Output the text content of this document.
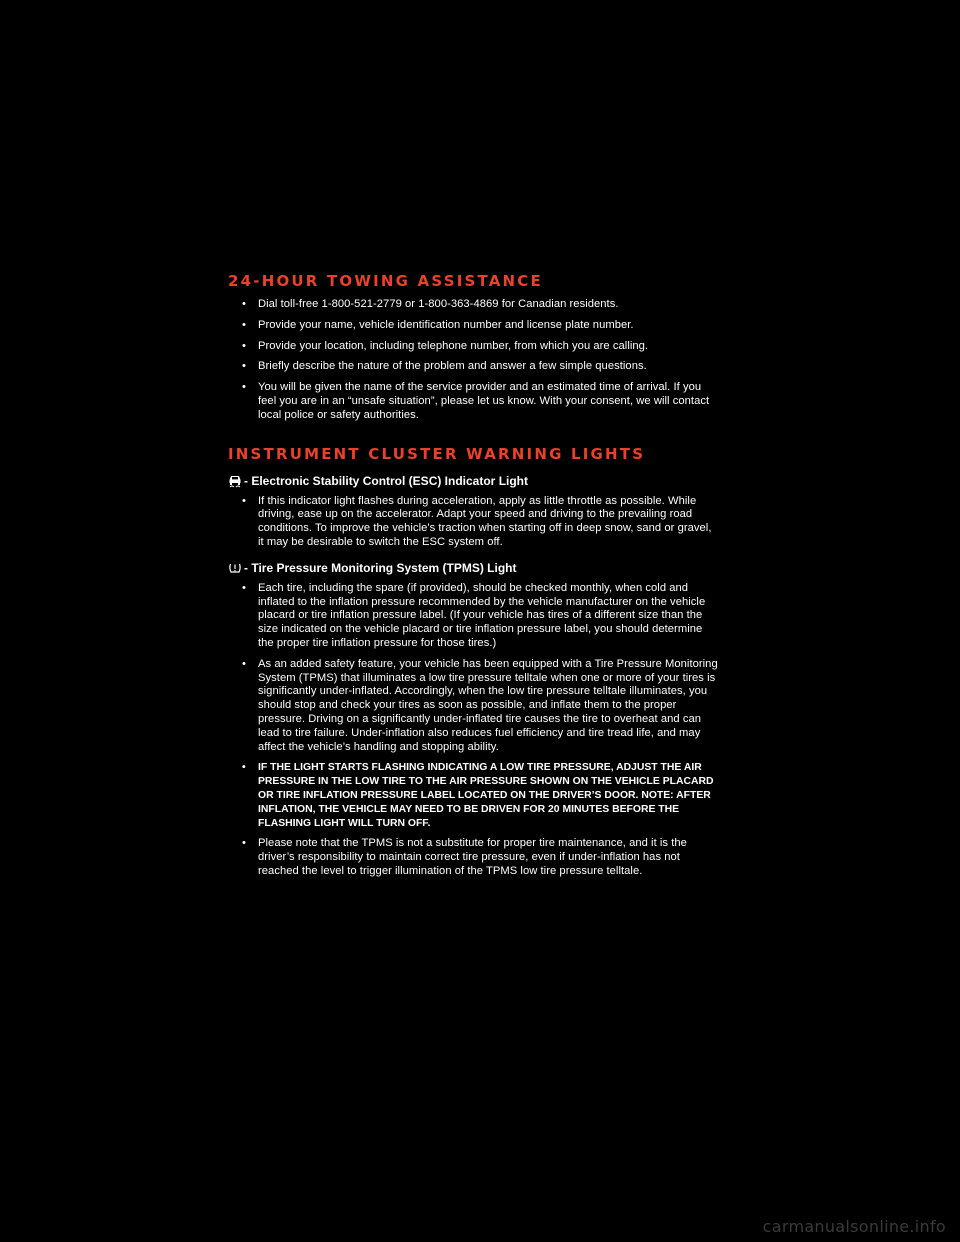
24-HOUR TOWING ASSISTANCE
• Dial toll-free 1-800-521-2779 or 1-800-363-4869 for Canadian residents.
• Provide your name, vehicle identification number and license plate number.
• Provide your location, including telephone number, from which you are calling.
• Briefly describe the nature of the problem and answer a few simple questions.
• You will be given the name of the service provider and an estimated time of arrival. If you feel you are in an “unsafe situation”, please let us know. With your consent, we will contact local police or safety authorities.
INSTRUMENT CLUSTER WARNING LIGHTS
- Electronic Stability Control (ESC) Indicator Light
• If this indicator light flashes during acceleration, apply as little throttle as possible. While driving, ease up on the accelerator. Adapt your speed and driving to the prevailing road conditions. To improve the vehicle's traction when starting off in deep snow, sand or gravel, it may be desirable to switch the ESC system off.
- Tire Pressure Monitoring System (TPMS) Light
• Each tire, including the spare (if provided), should be checked monthly, when cold and inflated to the inflation pressure recommended by the vehicle manufacturer on the vehicle placard or tire inflation pressure label. (If your vehicle has tires of a different size than the size indicated on the vehicle placard or tire inflation pressure label, you should determine the proper tire inflation pressure for those tires.)
• As an added safety feature, your vehicle has been equipped with a Tire Pressure Monitoring System (TPMS) that illuminates a low tire pressure telltale when one or more of your tires is significantly under-inflated. Accordingly, when the low tire pressure telltale illuminates, you should stop and check your tires as soon as possible, and inflate them to the proper pressure. Driving on a significantly under-inflated tire causes the tire to overheat and can lead to tire failure. Under-inflation also reduces fuel efficiency and tire tread life, and may affect the vehicle’s handling and stopping ability.
• IF THE LIGHT STARTS FLASHING INDICATING A LOW TIRE PRESSURE, ADJUST THE AIR PRESSURE IN THE LOW TIRE TO THE AIR PRESSURE SHOWN ON THE VEHICLE PLACARD OR TIRE INFLATION PRESSURE LABEL LOCATED ON THE DRIVER’S DOOR. NOTE: AFTER INFLATION, THE VEHICLE MAY NEED TO BE DRIVEN FOR 20 MINUTES BEFORE THE FLASHING LIGHT WILL TURN OFF.
• Please note that the TPMS is not a substitute for proper tire maintenance, and it is the driver’s responsibility to maintain correct tire pressure, even if under-inflation has not reached the level to trigger illumination of the TPMS low tire pressure telltale.
carmanualsonline.info
